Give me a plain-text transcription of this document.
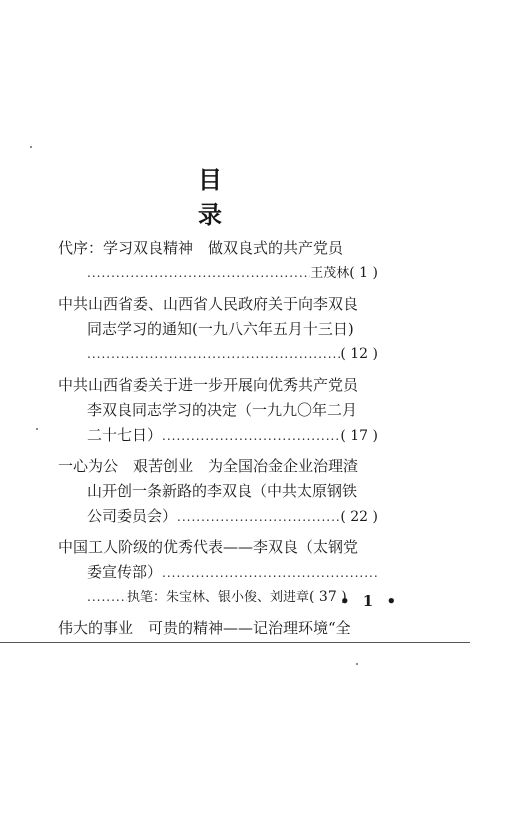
目 录
代序：学习双良精神　做双良式的共产党员
.....
王茂林 ( 1 )
中共山西省委、山西省人民政府关于向李双良
同志学习的通知(一九八六年五月十三日)
.....
( 12 )
中共山西省委关于进一步开展向优秀共产党员
李双良同志学习的决定（一九九〇年二月
二十七日） .....	( 17 )
一心为公　艰苦创业　为全国冶金企业治理渣
山开创一条新路的李双良（中共太原钢铁
公司委员会） .....	( 22 )
中国工人阶级的优秀代表——李双良（太钢党
委宣传部）
.....
.....
执笔：朱宝林、银小俊、刘进章 ( 37 )
伟大的事业　可贵的精神——记治理环境“全
• 1 •
